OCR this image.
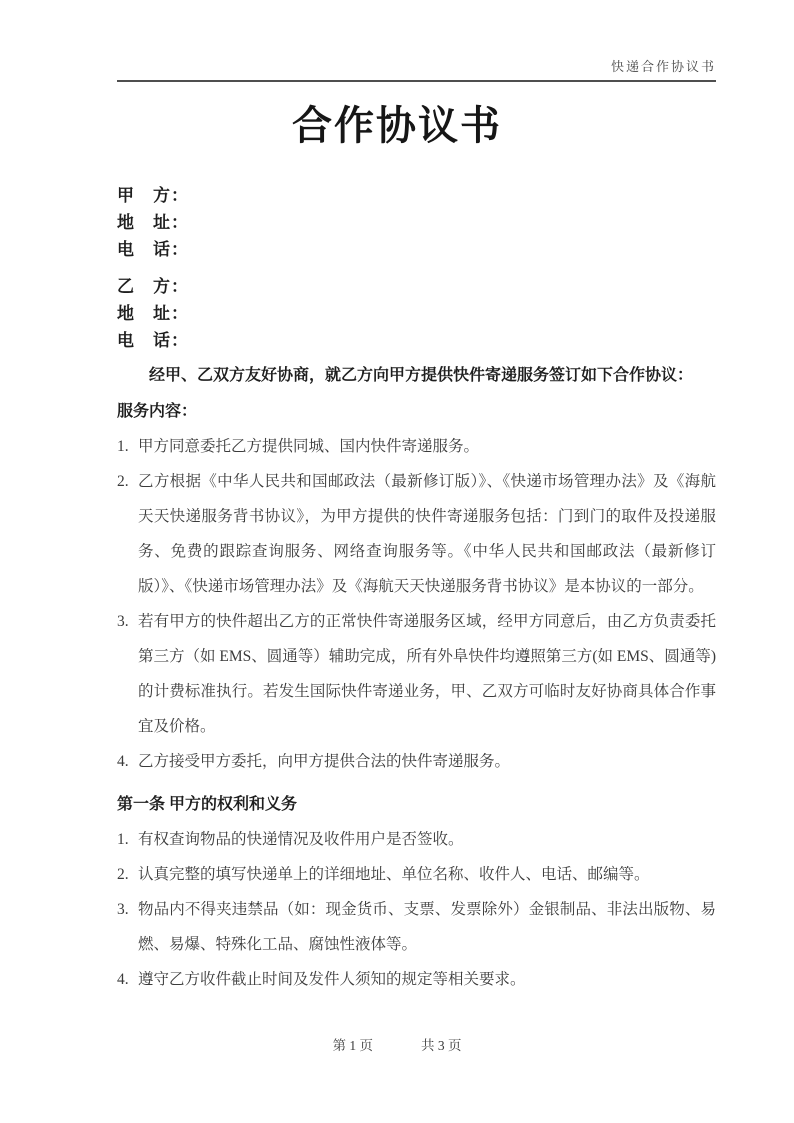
快递合作协议书
合作协议书
甲　方：
地　址：
电　话：
乙　方：
地　址：
电　话：
经甲、乙双方友好协商，就乙方向甲方提供快件寄递服务签订如下合作协议：
服务内容：
1. 甲方同意委托乙方提供同城、国内快件寄递服务。
2. 乙方根据《中华人民共和国邮政法（最新修订版）》、《快递市场管理办法》及《海航天天快递服务背书协议》，为甲方提供的快件寄递服务包括：门到门的取件及投递服务、免费的跟踪查询服务、网络查询服务等。《中华人民共和国邮政法（最新修订版）》、《快递市场管理办法》及《海航天天快递服务背书协议》是本协议的一部分。
3. 若有甲方的快件超出乙方的正常快件寄递服务区域，经甲方同意后，由乙方负责委托第三方（如 EMS、圆通等）辅助完成，所有外阜快件均遵照第三方(如 EMS、圆通等)的计费标准执行。若发生国际快件寄递业务，甲、乙双方可临时友好协商具体合作事宜及价格。
4. 乙方接受甲方委托，向甲方提供合法的快件寄递服务。
第一条 甲方的权利和义务
1. 有权查询物品的快递情况及收件用户是否签收。
2. 认真完整的填写快递单上的详细地址、单位名称、收件人、电话、邮编等。
3. 物品内不得夹违禁品（如：现金货币、支票、发票除外）金银制品、非法出版物、易燃、易爆、特殊化工品、腐蚀性液体等。
4. 遵守乙方收件截止时间及发件人须知的规定等相关要求。
第 1 页	共 3 页
